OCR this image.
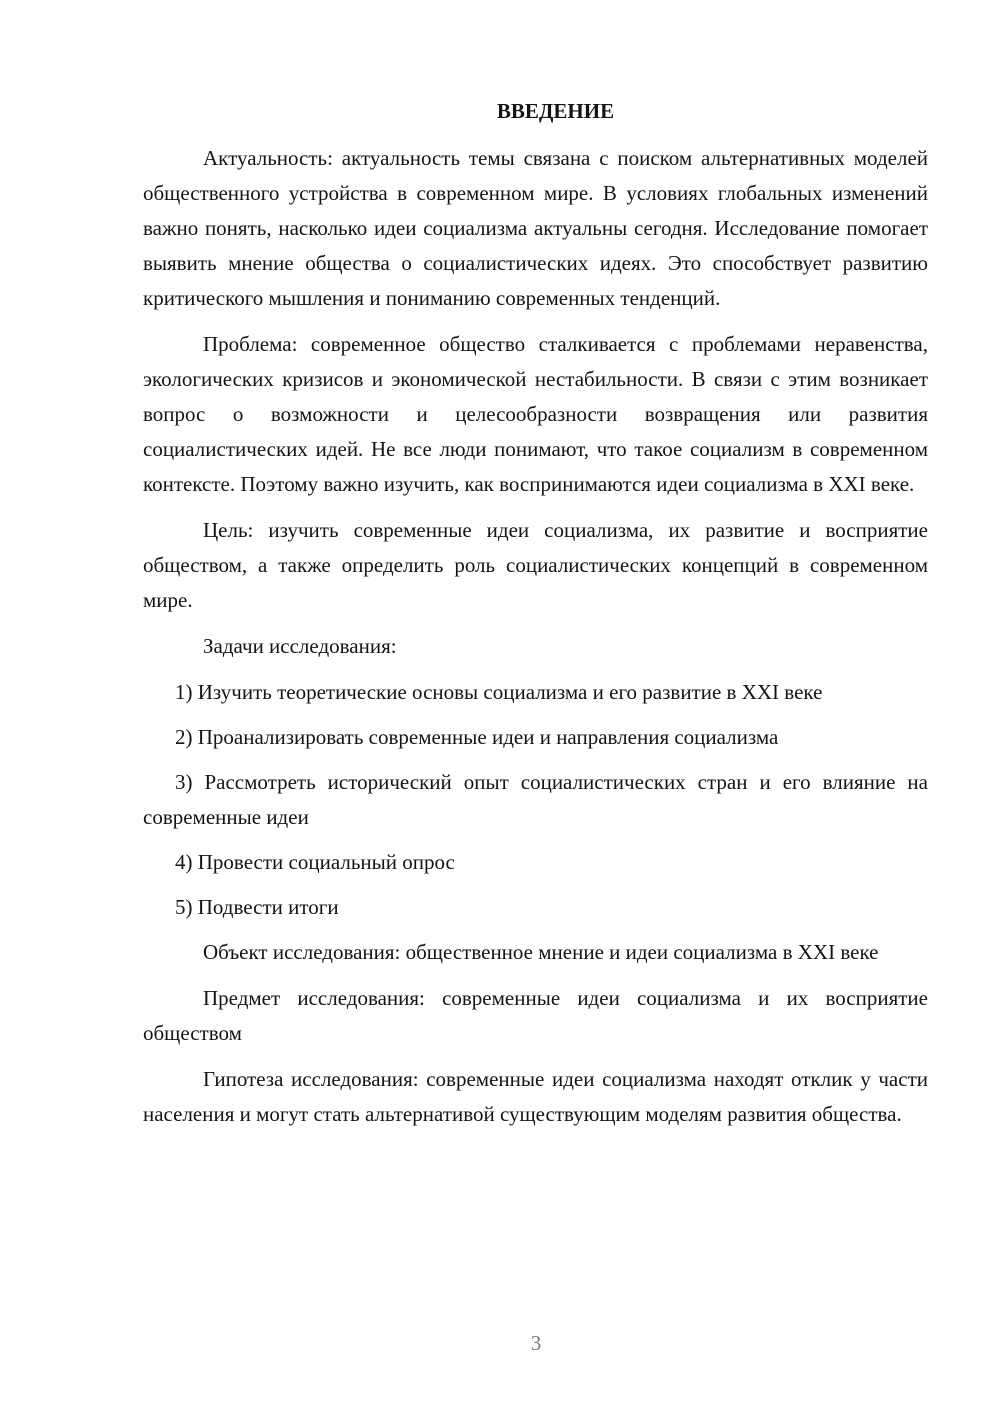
ВВЕДЕНИЕ

Актуальность: актуальность темы связана с поиском альтернативных моделей общественного устройства в современном мире. В условиях глобальных изменений важно понять, насколько идеи социализма актуальны сегодня. Исследование помогает выявить мнение общества о социалистических идеях. Это способствует развитию критического мышления и пониманию современных тенденций.

Проблема: современное общество сталкивается с проблемами неравенства, экологических кризисов и экономической нестабильности. В связи с этим возникает вопрос о возможности и целесообразности возвращения или развития социалистических идей. Не все люди понимают, что такое социализм в современном контексте. Поэтому важно изучить, как воспринимаются идеи социализма в XXI веке.

Цель: изучить современные идеи социализма, их развитие и восприятие обществом, а также определить роль социалистических концепций в современном мире.

Задачи исследования:

1) Изучить теоретические основы социализма и его развитие в XXI веке

2) Проанализировать современные идеи и направления социализма

3) Рассмотреть исторический опыт социалистических стран и его влияние на современные идеи

4) Провести социальный опрос

5) Подвести итоги

Объект исследования: общественное мнение и идеи социализма в XXI веке

Предмет исследования: современные идеи социализма и их восприятие обществом

Гипотеза исследования: современные идеи социализма находят отклик у части населения и могут стать альтернативой существующим моделям развития общества.

3
